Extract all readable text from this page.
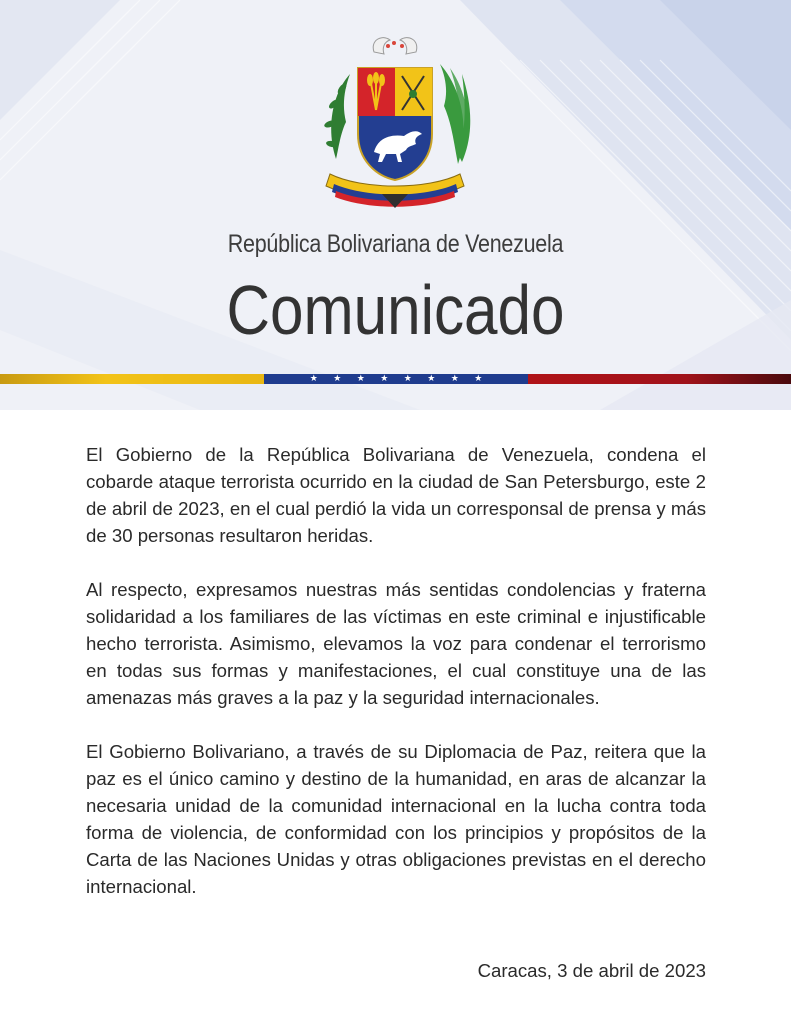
República Bolivariana de Venezuela
Comunicado
★	★	★	★	★	★	★	★

El Gobierno de la República Bolivariana de Venezuela, condena el cobarde ataque terrorista ocurrido en la ciudad de San Petersburgo, este 2 de abril de 2023, en el cual perdió la vida un corresponsal de prensa y más de 30 personas resultaron heridas.

Al respecto, expresamos nuestras más sentidas condolencias y fraterna solidaridad a los familiares de las víctimas en este criminal e injustificable hecho terrorista. Asimismo, elevamos la voz para condenar el terrorismo en todas sus formas y manifestaciones, el cual constituye una de las amenazas más graves a la paz y la seguridad internacionales.

El Gobierno Bolivariano, a través de su Diplomacia de Paz, reitera que la paz es el único camino y destino de la humanidad, en aras de alcanzar la necesaria unidad de la comunidad internacional en la lucha contra toda forma de violencia, de conformidad con los principios y propósitos de la Carta de las Naciones Unidas y otras obligaciones previstas en el derecho internacional.

Caracas, 3 de abril de 2023
